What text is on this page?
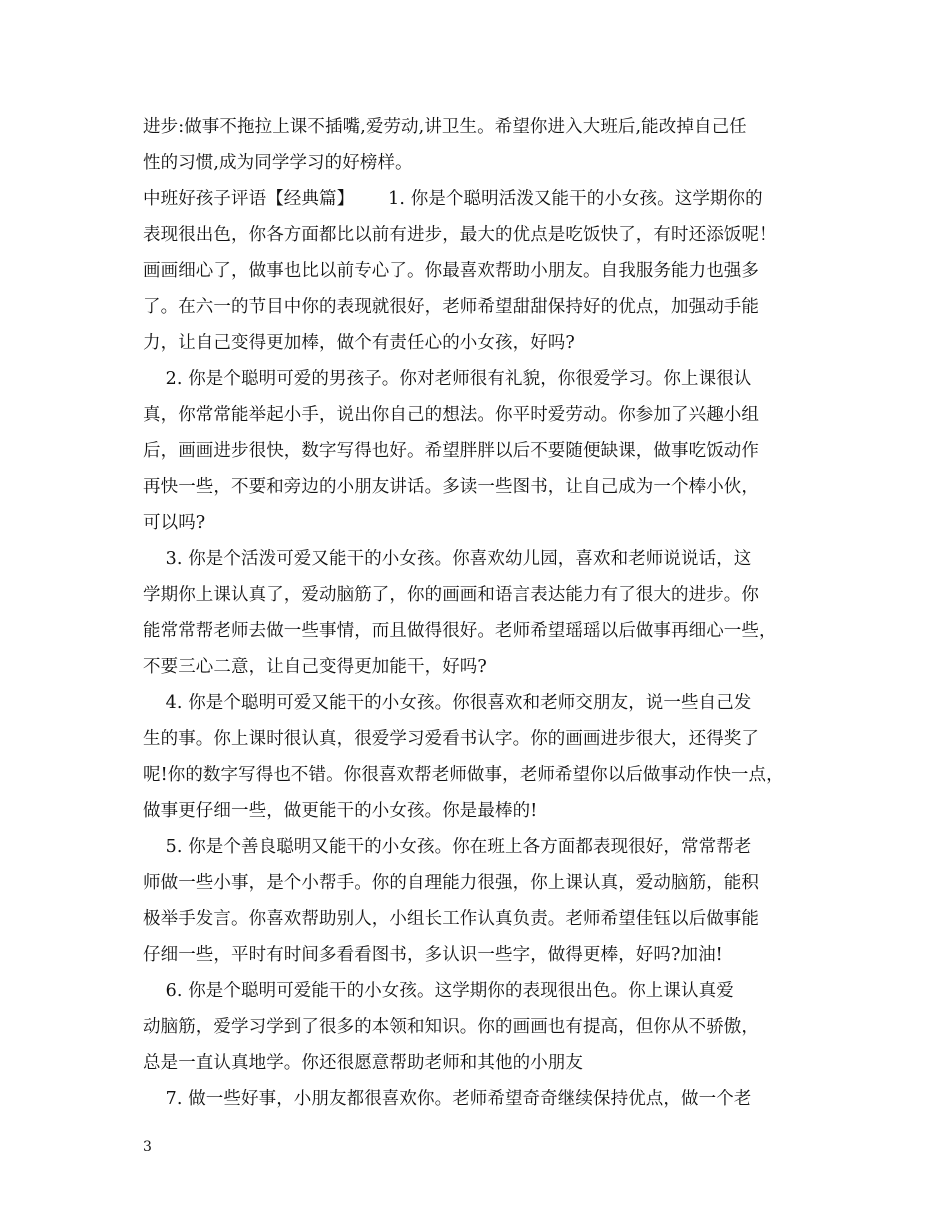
进步:做事不拖拉上课不插嘴,爱劳动,讲卫生。希望你进入大班后,能改掉自己任
性的习惯,成为同学学习的好榜样。
中班好孩子评语【经典篇】      1. 你是个聪明活泼又能干的小女孩。这学期你的
表现很出色，你各方面都比以前有进步，最大的优点是吃饭快了，有时还添饭呢！
画画细心了，做事也比以前专心了。你最喜欢帮助小朋友。自我服务能力也强多
了。在六一的节目中你的表现就很好，老师希望甜甜保持好的优点，加强动手能
力，让自己变得更加棒，做个有责任心的小女孩，好吗?
2. 你是个聪明可爱的男孩子。你对老师很有礼貌，你很爱学习。你上课很认
真，你常常能举起小手，说出你自己的想法。你平时爱劳动。你参加了兴趣小组
后，画画进步很快，数字写得也好。希望胖胖以后不要随便缺课，做事吃饭动作
再快一些，不要和旁边的小朋友讲话。多读一些图书，让自己成为一个棒小伙，
可以吗?
3. 你是个活泼可爱又能干的小女孩。你喜欢幼儿园，喜欢和老师说说话，这
学期你上课认真了，爱动脑筋了，你的画画和语言表达能力有了很大的进步。你
能常常帮老师去做一些事情，而且做得很好。老师希望瑶瑶以后做事再细心一些，
不要三心二意，让自己变得更加能干，好吗?
4. 你是个聪明可爱又能干的小女孩。你很喜欢和老师交朋友，说一些自己发
生的事。你上课时很认真，很爱学习爱看书认字。你的画画进步很大，还得奖了
呢!你的数字写得也不错。你很喜欢帮老师做事，老师希望你以后做事动作快一点，
做事更仔细一些，做更能干的小女孩。你是最棒的!
5. 你是个善良聪明又能干的小女孩。你在班上各方面都表现很好，常常帮老
师做一些小事，是个小帮手。你的自理能力很强，你上课认真，爱动脑筋，能积
极举手发言。你喜欢帮助别人，小组长工作认真负责。老师希望佳钰以后做事能
仔细一些，平时有时间多看看图书，多认识一些字，做得更棒，好吗?加油!
6. 你是个聪明可爱能干的小女孩。这学期你的表现很出色。你上课认真爱
动脑筋，爱学习学到了很多的本领和知识。你的画画也有提高，但你从不骄傲，
总是一直认真地学。你还很愿意帮助老师和其他的小朋友
7. 做一些好事，小朋友都很喜欢你。老师希望奇奇继续保持优点，做一个老
3
